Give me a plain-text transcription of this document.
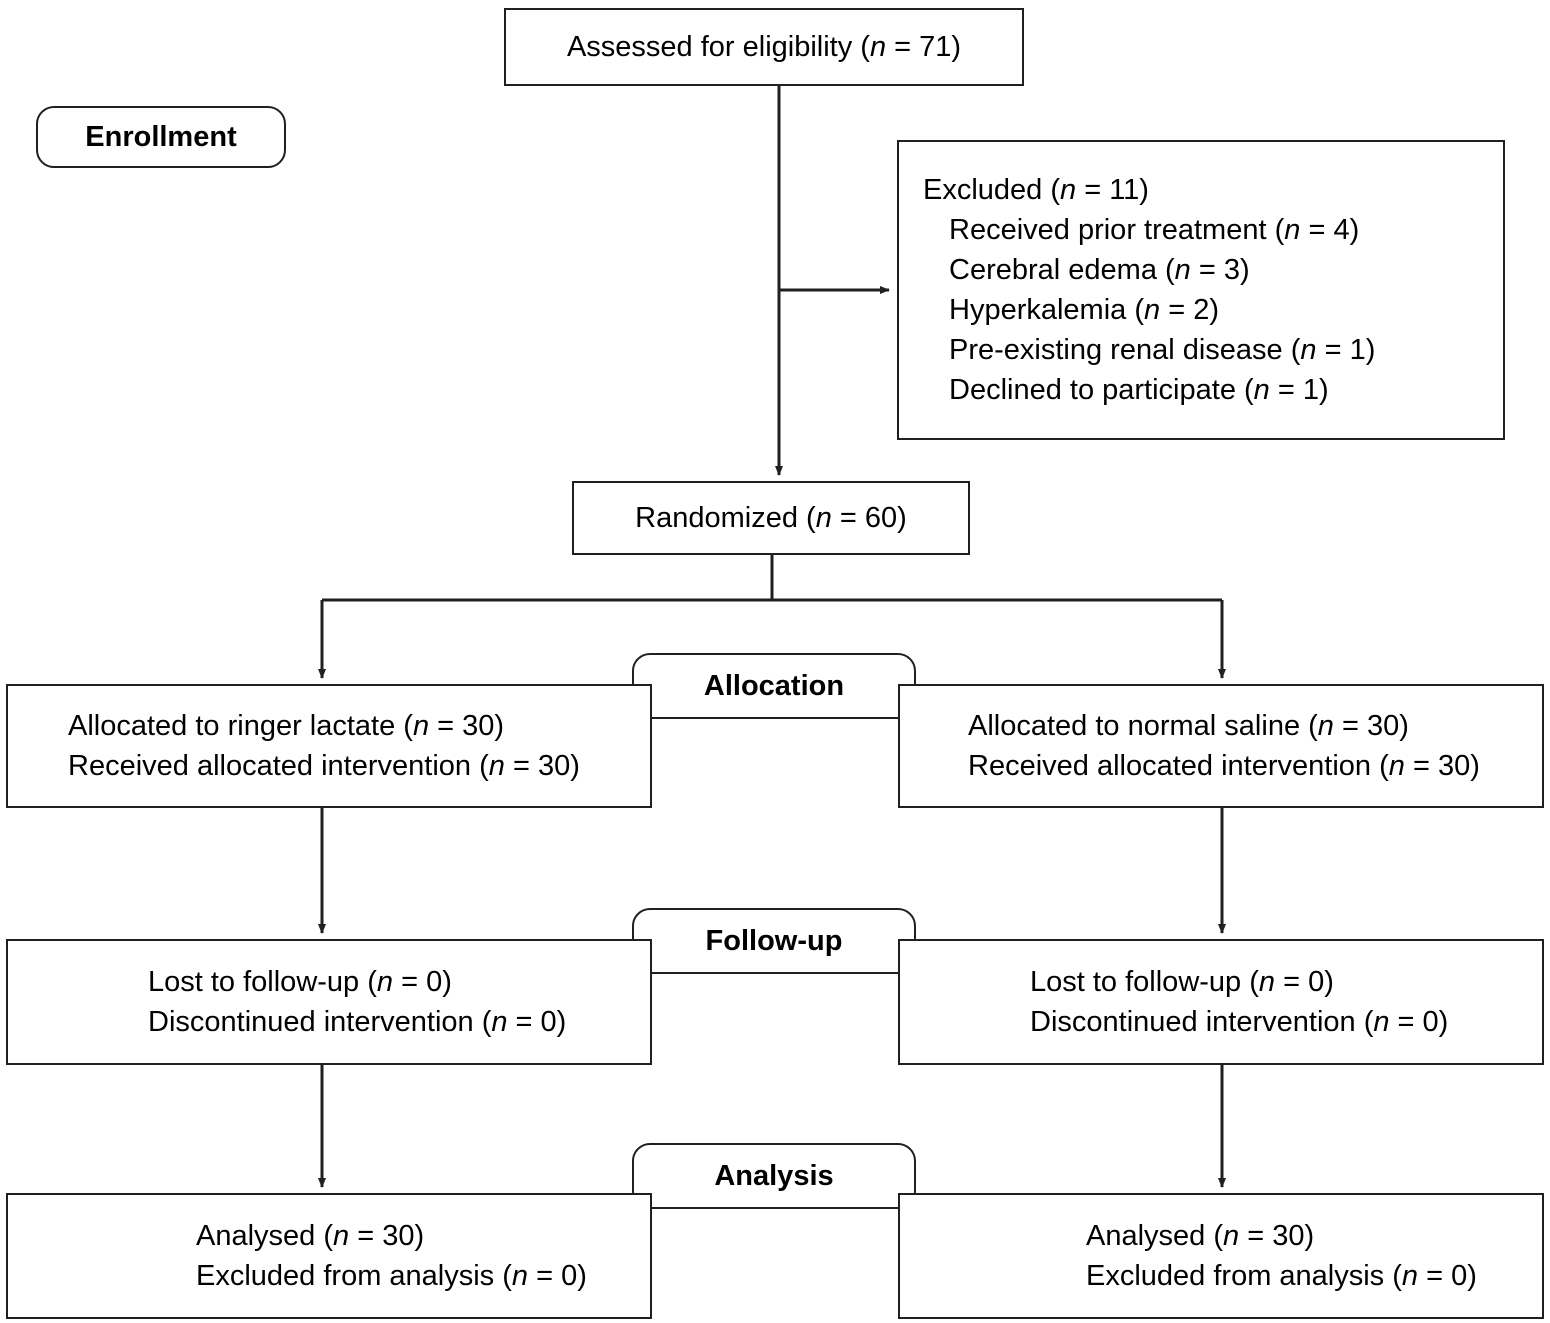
Assessed for eligibility (n = 71)
Enrollment
Excluded (n = 11)
Received prior treatment (n = 4)
Cerebral edema (n = 3)
Hyperkalemia (n = 2)
Pre-existing renal disease (n = 1)
Declined to participate (n = 1)
Randomized (n = 60)
Allocation
Allocated to ringer lactate (n = 30)
Received allocated intervention (n = 30)
Allocated to normal saline (n = 30)
Received allocated intervention (n = 30)
Follow-up
Lost to follow-up (n = 0)
Discontinued intervention (n = 0)
Lost to follow-up (n = 0)
Discontinued intervention (n = 0)
Analysis
Analysed (n = 30)
Excluded from analysis (n = 0)
Analysed (n = 30)
Excluded from analysis (n = 0)
